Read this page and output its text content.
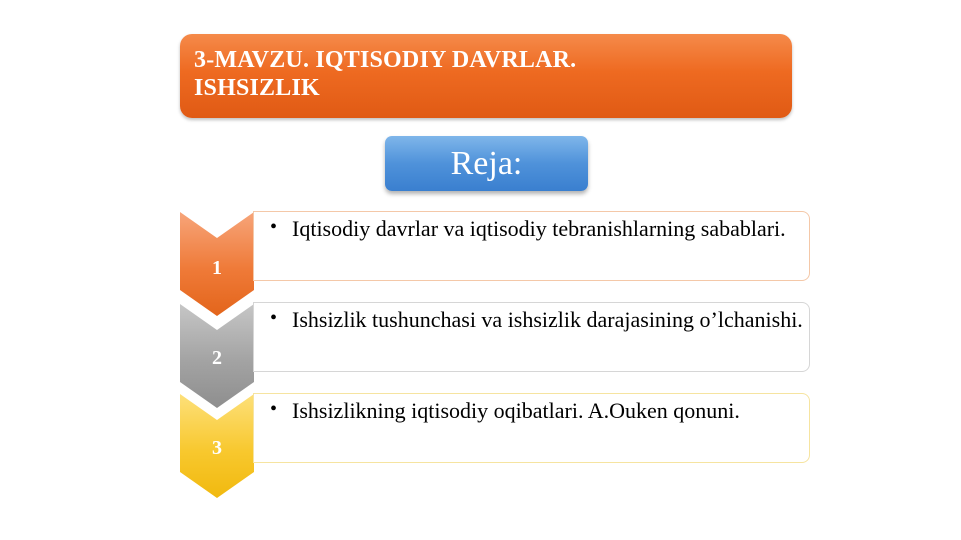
3-MAVZU. IQTISODIY DAVRLAR. ISHSIZLIK
Reja:
1
• Iqtisodiy davrlar va iqtisodiy tebranishlarning sabablari.
2
• Ishsizlik tushunchasi va ishsizlik darajasining o’lchanishi.
3
• Ishsizlikning iqtisodiy oqibatlari. A.Ouken qonuni.
